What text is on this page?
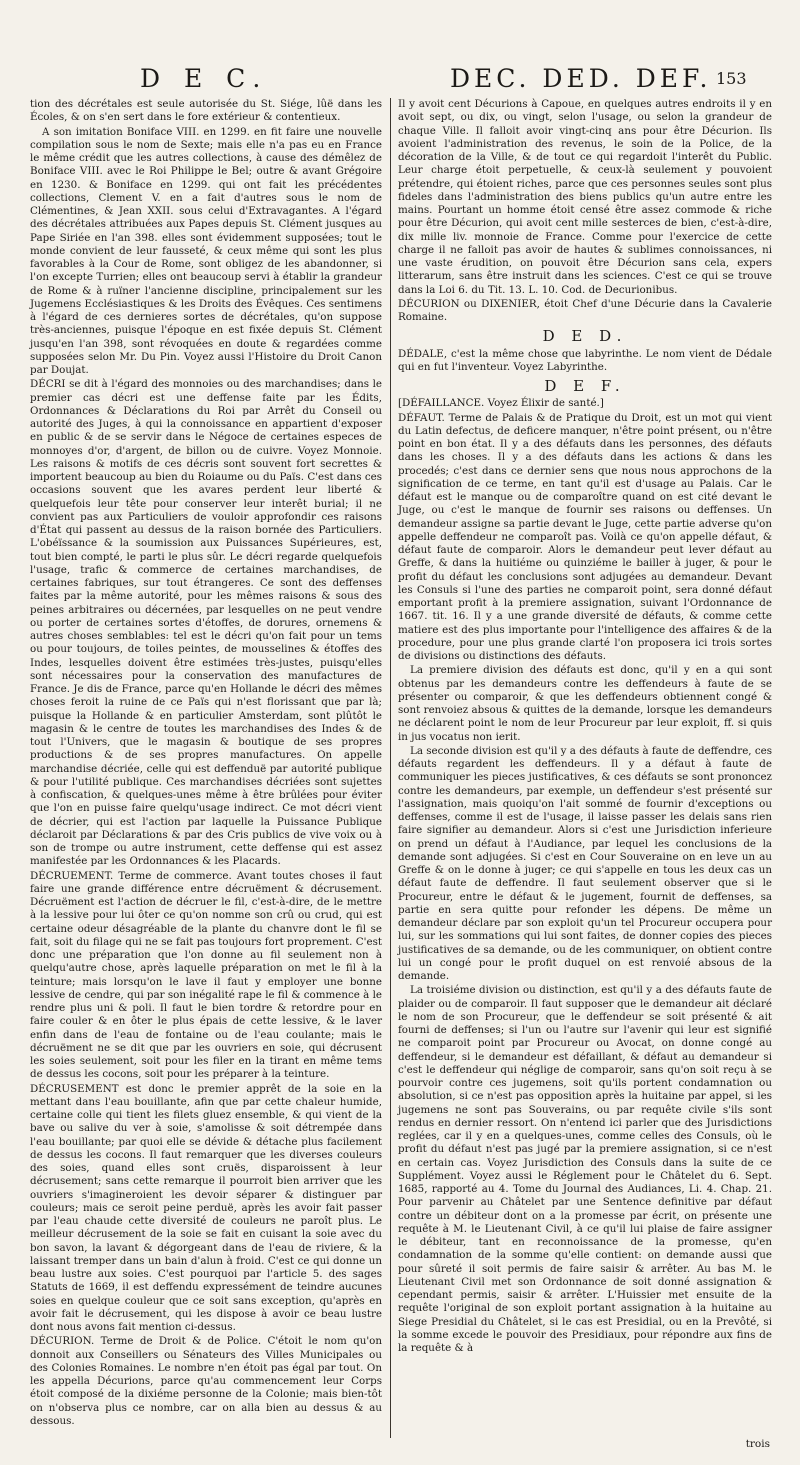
D E C.	DEC. DED. DEF. 153

tion des décrétales est seule autorisée du St. Siége, lûë dans les Écoles, & on s'en sert dans le fore extérieur & contentieux.

A son imitation Boniface VIII. en 1299. en fit faire une nouvelle compilation sous le nom de Sexte; mais elle n'a pas eu en France le même crédit que les autres collections, à cause des démêlez de Boniface VIII. avec le Roi Philippe le Bel; outre & avant Grégoire en 1230. & Boniface en 1299. qui ont fait les précédentes collections, Clement V. en a fait d'autres sous le nom de Clémentines, & Jean XXII. sous celui d'Extravagantes. A l'égard des décrétales attribuées aux Papes depuis St. Clément jusques au Pape Siriée en l'an 398. elles sont évidemment supposées; tout le monde convient de leur fausseté, & ceux même qui sont les plus favorables à la Cour de Rome, sont obligez de les abandonner, si l'on excepte Turrien; elles ont beaucoup servi à établir la grandeur de Rome & à ruïner l'ancienne discipline, principalement sur les Jugemens Ecclésiastiques & les Droits des Évêques. Ces sentimens à l'égard de ces dernieres sortes de décrétales, qu'on suppose très-anciennes, puisque l'époque en est fixée depuis St. Clément jusqu'en l'an 398, sont révoquées en doute & regardées comme supposées selon Mr. Du Pin. Voyez aussi l'Histoire du Droit Canon par Doujat.

DÉCRI se dit à l'égard des monnoies ou des marchandises; dans le premier cas décri est une deffense faite par les Édits, Ordonnances & Déclarations du Roi par Arrêt du Conseil ou autorité des Juges, à qui la connoissance en appartient d'exposer en public & de se servir dans le Négoce de certaines especes de monnoyes d'or, d'argent, de billon ou de cuivre. Voyez Monnoie. Les raisons & motifs de ces décris sont souvent fort secrettes & importent beaucoup au bien du Roiaume ou du Païs. C'est dans ces occasions souvent que les avares perdent leur liberté & quelquefois leur tête pour conserver leur interêt burial; il ne convient pas aux Particuliers de vouloir approfondir ces raisons d'État qui passent au dessus de la raison bornée des Particuliers. L'obéïssance & la soumission aux Puissances Supérieures, est, tout bien compté, le parti le plus sûr. Le décri regarde quelquefois l'usage, trafic & commerce de certaines marchandises, de certaines fabriques, sur tout étrangeres. Ce sont des deffenses faites par la même autorité, pour les mêmes raisons & sous des peines arbitraires ou décernées, par lesquelles on ne peut vendre ou porter de certaines sortes d'étoffes, de dorures, ornemens & autres choses semblables: tel est le décri qu'on fait pour un tems ou pour toujours, de toiles peintes, de mousselines & étoffes des Indes, lesquelles doivent être estimées très-justes, puisqu'elles sont nécessaires pour la conservation des manufactures de France. Je dis de France, parce qu'en Hollande le décri des mêmes choses feroit la ruine de ce Païs qui n'est florissant que par là; puisque la Hollande & en particulier Amsterdam, sont plûtôt le magasin & le centre de toutes les marchandises des Indes & de tout l'Univers, que le magasin & boutique de ses propres productions & de ses propres manufactures. On appelle marchandise décriée, celle qui est deffenduë par autorité publique & pour l'utilité publique. Ces marchandises décriées sont sujettes à confiscation, & quelques-unes même à être brûlées pour éviter que l'on en puisse faire quelqu'usage indirect. Ce mot décri vient de décrier, qui est l'action par laquelle la Puissance Publique déclaroit par Déclarations & par des Cris publics de vive voix ou à son de trompe ou autre instrument, cette deffense qui est assez manifestée par les Ordonnances & les Placards.

DÉCRUEMENT. Terme de commerce. Avant toutes choses il faut faire une grande différence entre décruëment & décrusement. Décruëment est l'action de décruer le fil, c'est-à-dire, de le mettre à la lessive pour lui ôter ce qu'on nomme son crû ou crud, qui est certaine odeur désagréable de la plante du chanvre dont le fil se fait, soit du filage qui ne se fait pas toujours fort proprement. C'est donc une préparation que l'on donne au fil seulement non à quelqu'autre chose, après laquelle préparation on met le fil à la teinture; mais lorsqu'on le lave il faut y employer une bonne lessive de cendre, qui par son inégalité rape le fil & commence à le rendre plus uni & poli. Il faut le bien tordre & retordre pour en faire couler & en ôter le plus épais de cette lessive, & le laver enfin dans de l'eau de fontaine ou de l'eau coulante; mais le décruëment ne se dit que par les ouvriers en soie, qui décrusent les soies seulement, soit pour les filer en la tirant en même tems de dessus les cocons, soit pour les préparer à la teinture.

DÉCRUSEMENT est donc le premier apprêt de la soie en la mettant dans l'eau bouillante, afin que par cette chaleur humide, certaine colle qui tient les filets gluez ensemble, & qui vient de la bave ou salive du ver à soie, s'amolisse & soit détrempée dans l'eau bouillante; par quoi elle se dévide & détache plus facilement de dessus les cocons. Il faut remarquer que les diverses couleurs des soies, quand elles sont cruës, disparoissent à leur décrusement; sans cette remarque il pourroit bien arriver que les ouvriers s'imagineroient les devoir séparer & distinguer par couleurs; mais ce seroit peine perduë, après les avoir fait passer par l'eau chaude cette diversité de couleurs ne paroît plus. Le meilleur décrusement de la soie se fait en cuisant la soie avec du bon savon, la lavant & dégorgeant dans de l'eau de riviere, & la laissant tremper dans un bain d'alun à froid. C'est ce qui donne un beau lustre aux soies. C'est pourquoi par l'article 5. des sages Statuts de 1669, il est deffendu expressément de teindre aucunes soies en quelque couleur que ce soit sans exception, qu'après en avoir fait le décrusement, qui les dispose à avoir ce beau lustre dont nous avons fait mention ci-dessus.

DÉCURION. Terme de Droit & de Police. C'étoit le nom qu'on donnoit aux Conseillers ou Sénateurs des Villes Municipales ou des Colonies Romaines. Le nombre n'en étoit pas égal par tout. On les appella Décurions, parce qu'au commencement leur Corps étoit composé de la dixiéme personne de la Colonie; mais bien-tôt on n'observa plus ce nombre, car on alla bien au dessus & au dessous.

Il y avoit cent Décurions à Capoue, en quelques autres endroits il y en avoit sept, ou dix, ou vingt, selon l'usage, ou selon la grandeur de chaque Ville. Il falloit avoir vingt-cinq ans pour être Décurion. Ils avoient l'administration des revenus, le soin de la Police, de la décoration de la Ville, & de tout ce qui regardoit l'interêt du Public. Leur charge étoit perpetuelle, & ceux-là seulement y pouvoient prétendre, qui étoient riches, parce que ces personnes seules sont plus fideles dans l'administration des biens publics qu'un autre entre les mains. Pourtant un homme étoit censé être assez commode & riche pour être Décurion, qui avoit cent mille sesterces de bien, c'est-à-dire, dix mille liv. monnoie de France. Comme pour l'exercice de cette charge il ne falloit pas avoir de hautes & sublimes connoissances, ni une vaste érudition, on pouvoit être Décurion sans cela, expers litterarum, sans être instruit dans les sciences. C'est ce qui se trouve dans la Loi 6. du Tit. 13. L. 10. Cod. de Decurionibus.

DÉCURION ou DIXENIER, étoit Chef d'une Décurie dans la Cavalerie Romaine.

D E D.

DÉDALE, c'est la même chose que labyrinthe. Le nom vient de Dédale qui en fut l'inventeur. Voyez Labyrinthe.

D E F.

[DÉFAILLANCE. Voyez Élixir de santé.]

DÉFAUT. Terme de Palais & de Pratique du Droit, est un mot qui vient du Latin defectus, de deficere manquer, n'être point présent, ou n'être point en bon état. Il y a des défauts dans les personnes, des défauts dans les choses. Il y a des défauts dans les actions & dans les procedés; c'est dans ce dernier sens que nous nous approchons de la signification de ce terme, en tant qu'il est d'usage au Palais. Car le défaut est le manque ou de comparoître quand on est cité devant le Juge, ou c'est le manque de fournir ses raisons ou deffenses. Un demandeur assigne sa partie devant le Juge, cette partie adverse qu'on appelle deffendeur ne comparoît pas. Voilà ce qu'on appelle défaut, & défaut faute de comparoir. Alors le demandeur peut lever défaut au Greffe, & dans la huitiéme ou quinziéme le bailler à juger, & pour le profit du défaut les conclusions sont adjugées au demandeur. Devant les Consuls si l'une des parties ne comparoit point, sera donné défaut emportant profit à la premiere assignation, suivant l'Ordonnance de 1667. tit. 16. Il y a une grande diversité de défauts, & comme cette matiere est des plus importante pour l'intelligence des affaires & de la procedure, pour une plus grande clarté l'on proposera ici trois sortes de divisions ou distinctions des défauts.

La premiere division des défauts est donc, qu'il y en a qui sont obtenus par les demandeurs contre les deffendeurs à faute de se présenter ou comparoir, & que les deffendeurs obtiennent congé & sont renvoiez absous & quittes de la demande, lorsque les demandeurs ne déclarent point le nom de leur Procureur par leur exploit, ff. si quis in jus vocatus non ierit.

La seconde division est qu'il y a des défauts à faute de deffendre, ces défauts regardent les deffendeurs. Il y a défaut à faute de communiquer les pieces justificatives, & ces défauts se sont prononcez contre les demandeurs, par exemple, un deffendeur s'est présenté sur l'assignation, mais quoiqu'on l'ait sommé de fournir d'exceptions ou deffenses, comme il est de l'usage, il laisse passer les delais sans rien faire signifier au demandeur. Alors si c'est une Jurisdiction inferieure on prend un défaut à l'Audiance, par lequel les conclusions de la demande sont adjugées. Si c'est en Cour Souveraine on en leve un au Greffe & on le donne à juger; ce qui s'appelle en tous les deux cas un défaut faute de deffendre. Il faut seulement observer que si le Procureur, entre le défaut & le jugement, fournit de deffenses, sa partie en sera quitte pour refonder les dépens. De même un demandeur déclare par son exploit qu'un tel Procureur occupera pour lui, sur les sommations qui lui sont faites, de donner copies des pieces justificatives de sa demande, ou de les communiquer, on obtient contre lui un congé pour le profit duquel on est renvoié absous de la demande.

La troisiéme division ou distinction, est qu'il y a des défauts faute de plaider ou de comparoir. Il faut supposer que le demandeur ait déclaré le nom de son Procureur, que le deffendeur se soit présenté & ait fourni de deffenses; si l'un ou l'autre sur l'avenir qui leur est signifié ne comparoit point par Procureur ou Avocat, on donne congé au deffendeur, si le demandeur est défaillant, & défaut au demandeur si c'est le deffendeur qui néglige de comparoir, sans qu'on soit reçu à se pourvoir contre ces jugemens, soit qu'ils portent condamnation ou absolution, si ce n'est pas opposition après la huitaine par appel, si les jugemens ne sont pas Souverains, ou par requête civile s'ils sont rendus en dernier ressort. On n'entend ici parler que des Jurisdictions reglées, car il y en a quelques-unes, comme celles des Consuls, où le profit du défaut n'est pas jugé par la premiere assignation, si ce n'est en certain cas. Voyez Jurisdiction des Consuls dans la suite de ce Supplément. Voyez aussi le Réglement pour le Châtelet du 6. Sept. 1685, rapporté au 4. Tome du Journal des Audiances, Li. 4. Chap. 21. Pour parvenir au Châtelet par une Sentence definitive par défaut contre un débiteur dont on a la promesse par écrit, on présente une requête à M. le Lieutenant Civil, à ce qu'il lui plaise de faire assigner le débiteur, tant en reconnoissance de la promesse, qu'en condamnation de la somme qu'elle contient: on demande aussi que pour sûreté il soit permis de faire saisir & arrêter. Au bas M. le Lieutenant Civil met son Ordonnance de soit donné assignation & cependant permis, saisir & arrêter. L'Huissier met ensuite de la requête l'original de son exploit portant assignation à la huitaine au Siege Presidial du Châtelet, si le cas est Presidial, ou en la Prevôté, si la somme excede le pouvoir des Presidiaux, pour répondre aux fins de la requête & à

trois
